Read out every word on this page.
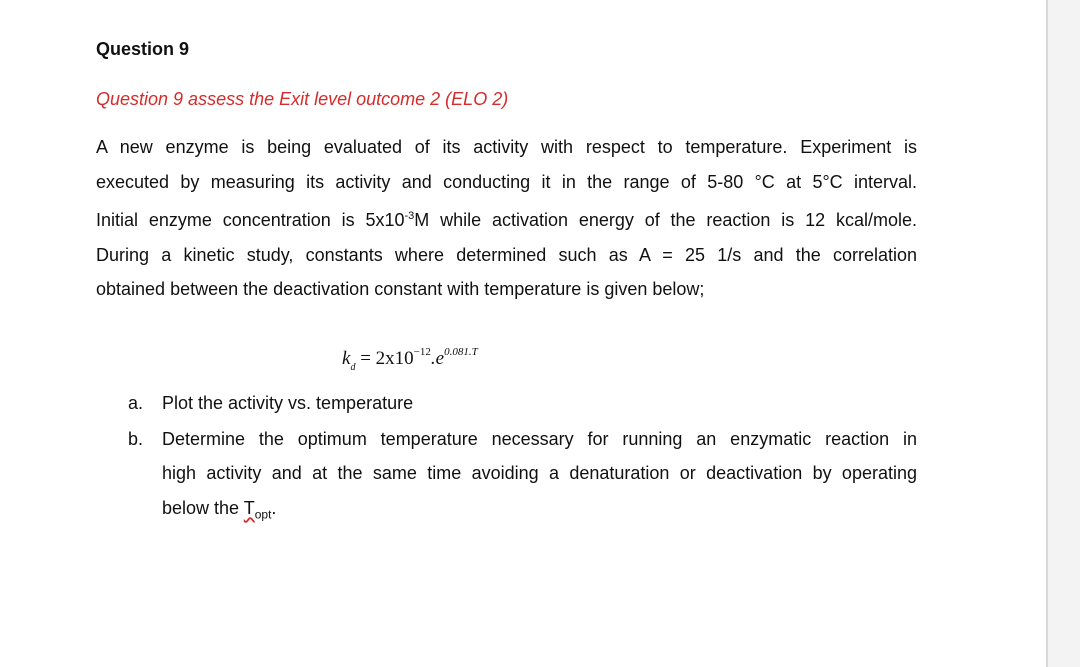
Question 9
Question 9 assess the Exit level outcome 2 (ELO 2)
A new enzyme is being evaluated of its activity with respect to temperature. Experiment is
executed by measuring its activity and conducting it in the range of 5-80 °C at 5°C interval.
Initial enzyme concentration is $5x10^{-3}M$ while activation energy of the reaction is 12 kcal/mole.
During a kinetic study, constants where determined such as A = 25 1/s and the correlation
obtained between the deactivation constant with temperature is given below;
$k_d = 2x10^{-12}.e^{0.081.T}$
a. Plot the activity vs. temperature
b. Determine the optimum temperature necessary for running an enzymatic reaction in
high activity and at the same time avoiding a denaturation or deactivation by operating
below the $T_{opt}$.
